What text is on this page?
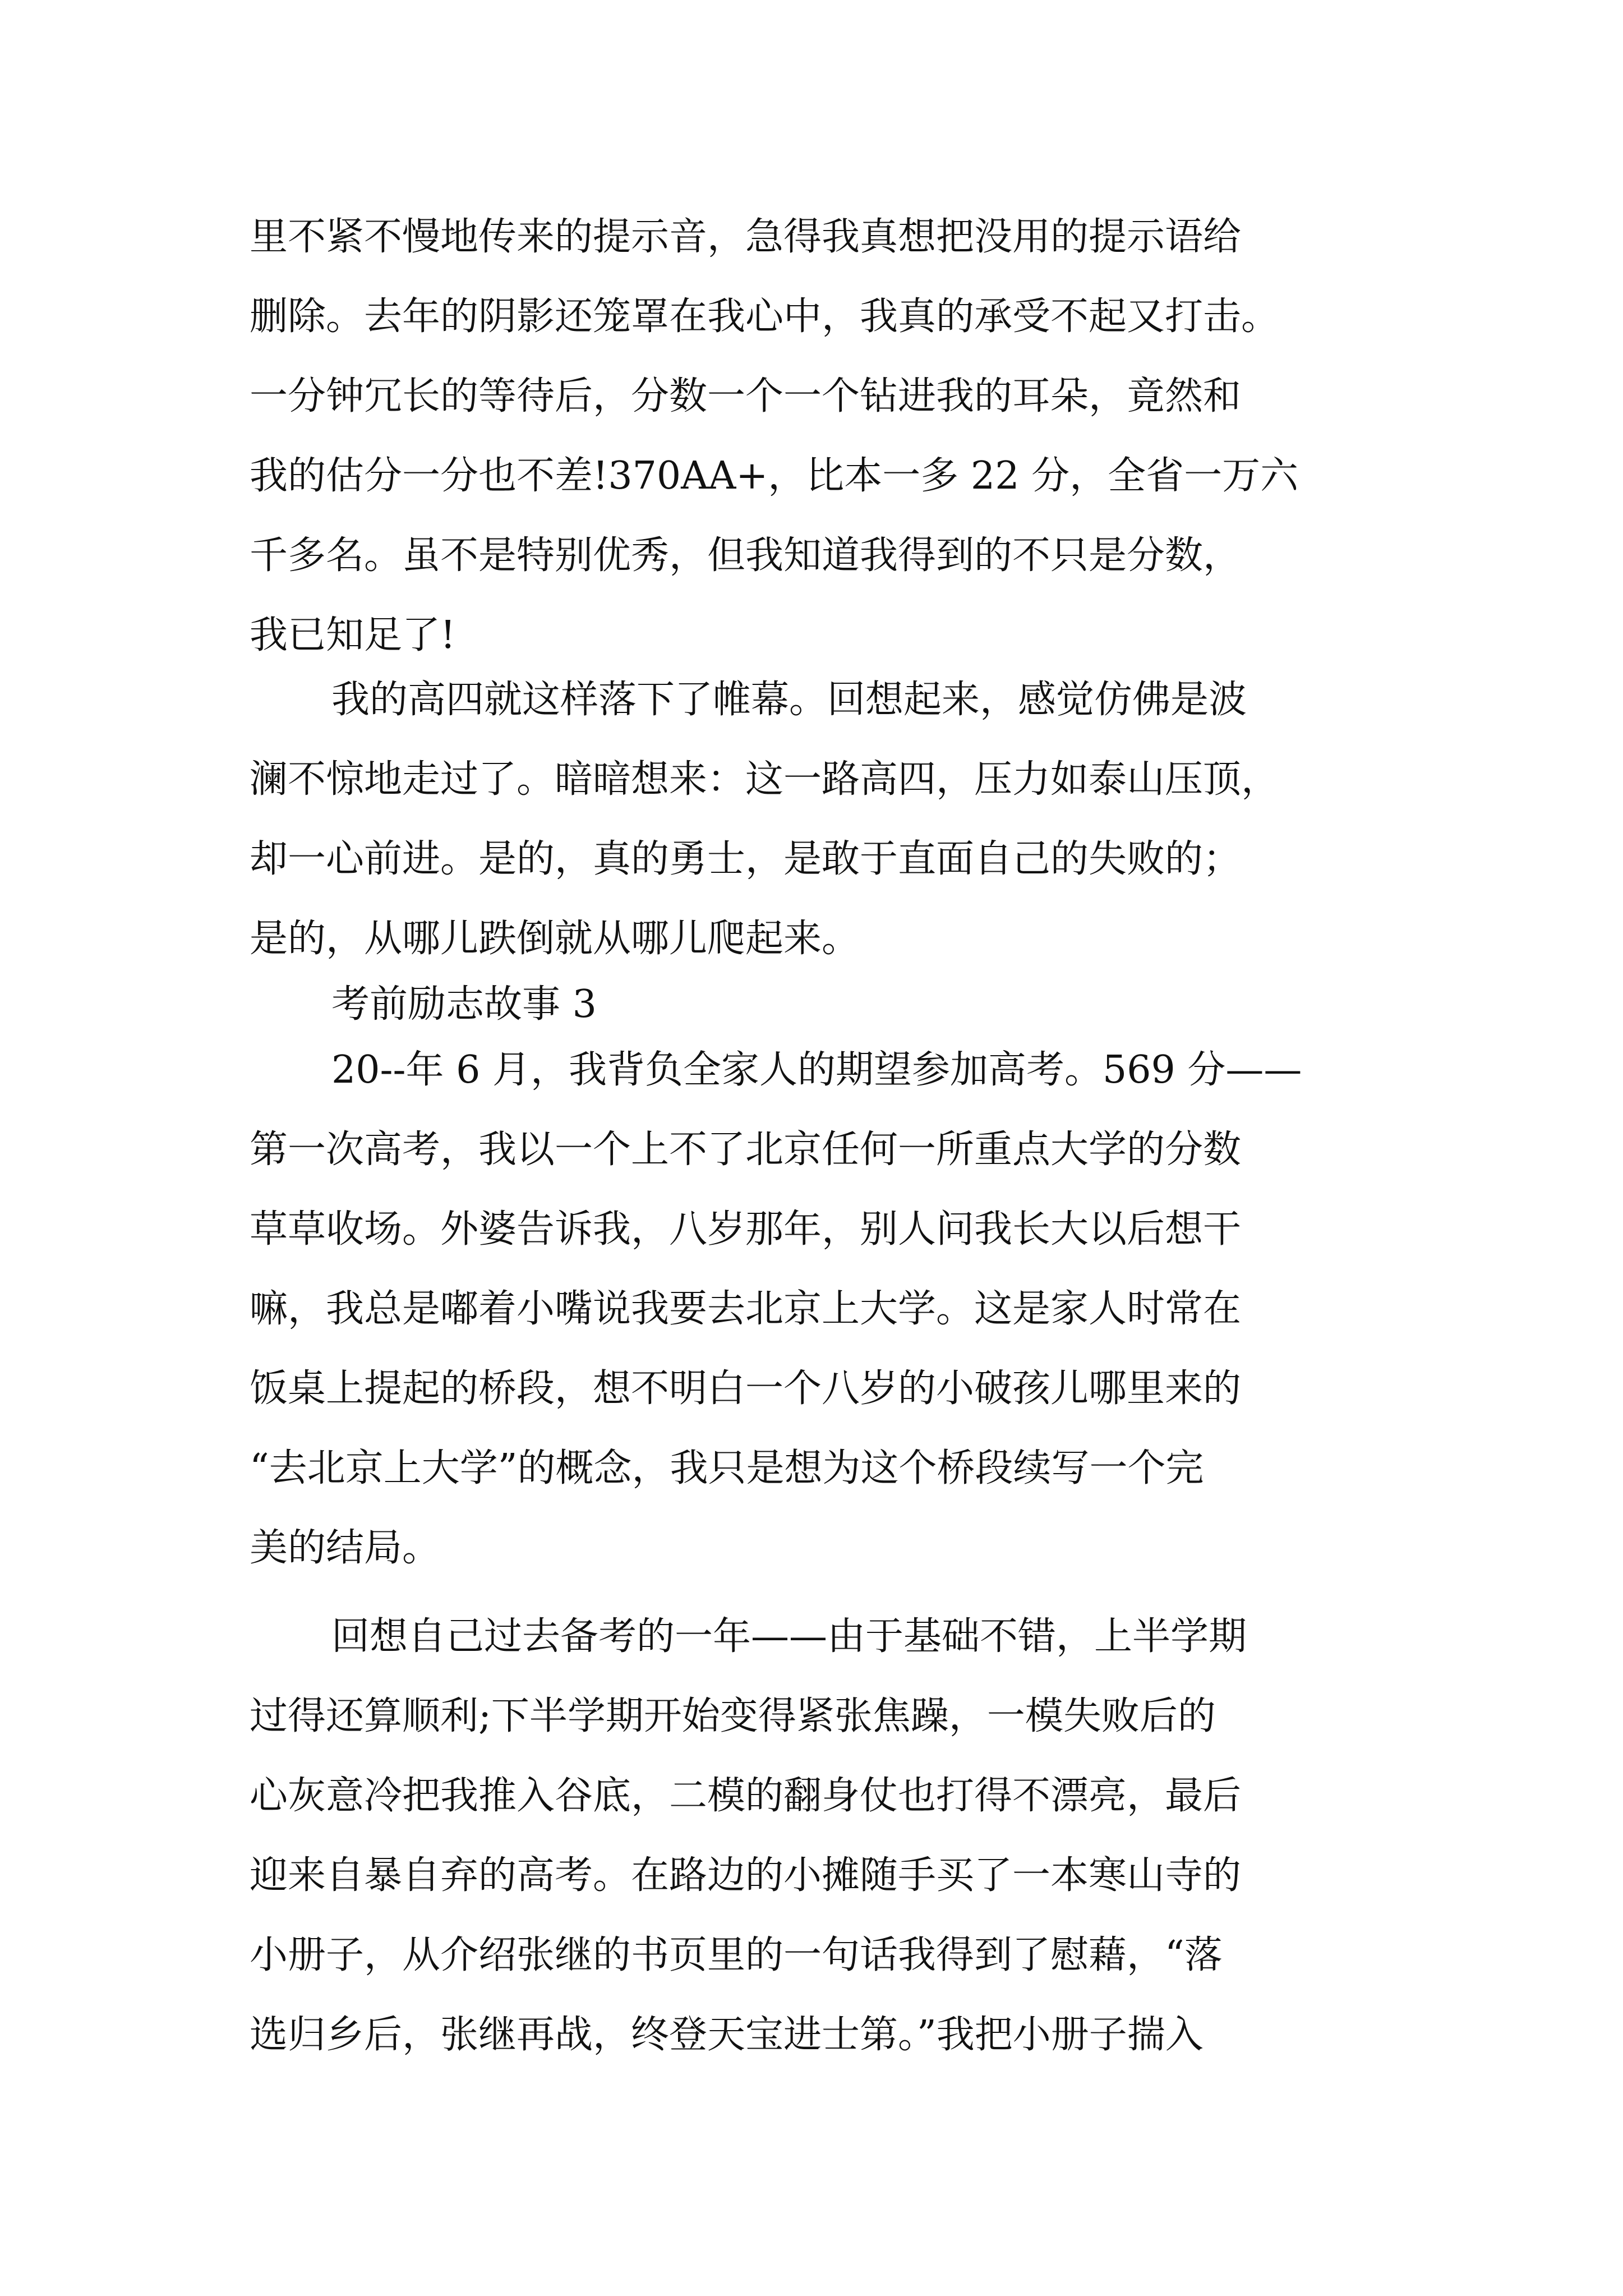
里不紧不慢地传来的提示音，急得我真想把没用的提示语给
删除。去年的阴影还笼罩在我心中，我真的承受不起又打击。
一分钟冗长的等待后，分数一个一个钻进我的耳朵，竟然和
我的估分一分也不差!370AA+，比本一多 22 分，全省一万六
千多名。虽不是特别优秀，但我知道我得到的不只是分数，
我已知足了!
我的高四就这样落下了帷幕。回想起来，感觉仿佛是波
澜不惊地走过了。暗暗想来：这一路高四，压力如泰山压顶，
却一心前进。是的，真的勇士，是敢于直面自己的失败的；
是的，从哪儿跌倒就从哪儿爬起来。
考前励志故事 3
20--年 6 月，我背负全家人的期望参加高考。569 分——
第一次高考，我以一个上不了北京任何一所重点大学的分数
草草收场。外婆告诉我，八岁那年，别人问我长大以后想干
嘛，我总是嘟着小嘴说我要去北京上大学。这是家人时常在
饭桌上提起的桥段，想不明白一个八岁的小破孩儿哪里来的
“去北京上大学”的概念，我只是想为这个桥段续写一个完
美的结局。
回想自己过去备考的一年——由于基础不错，上半学期
过得还算顺利;下半学期开始变得紧张焦躁，一模失败后的
心灰意冷把我推入谷底，二模的翻身仗也打得不漂亮，最后
迎来自暴自弃的高考。在路边的小摊随手买了一本寒山寺的
小册子，从介绍张继的书页里的一句话我得到了慰藉，“落
选归乡后，张继再战，终登天宝进士第。”我把小册子揣入
